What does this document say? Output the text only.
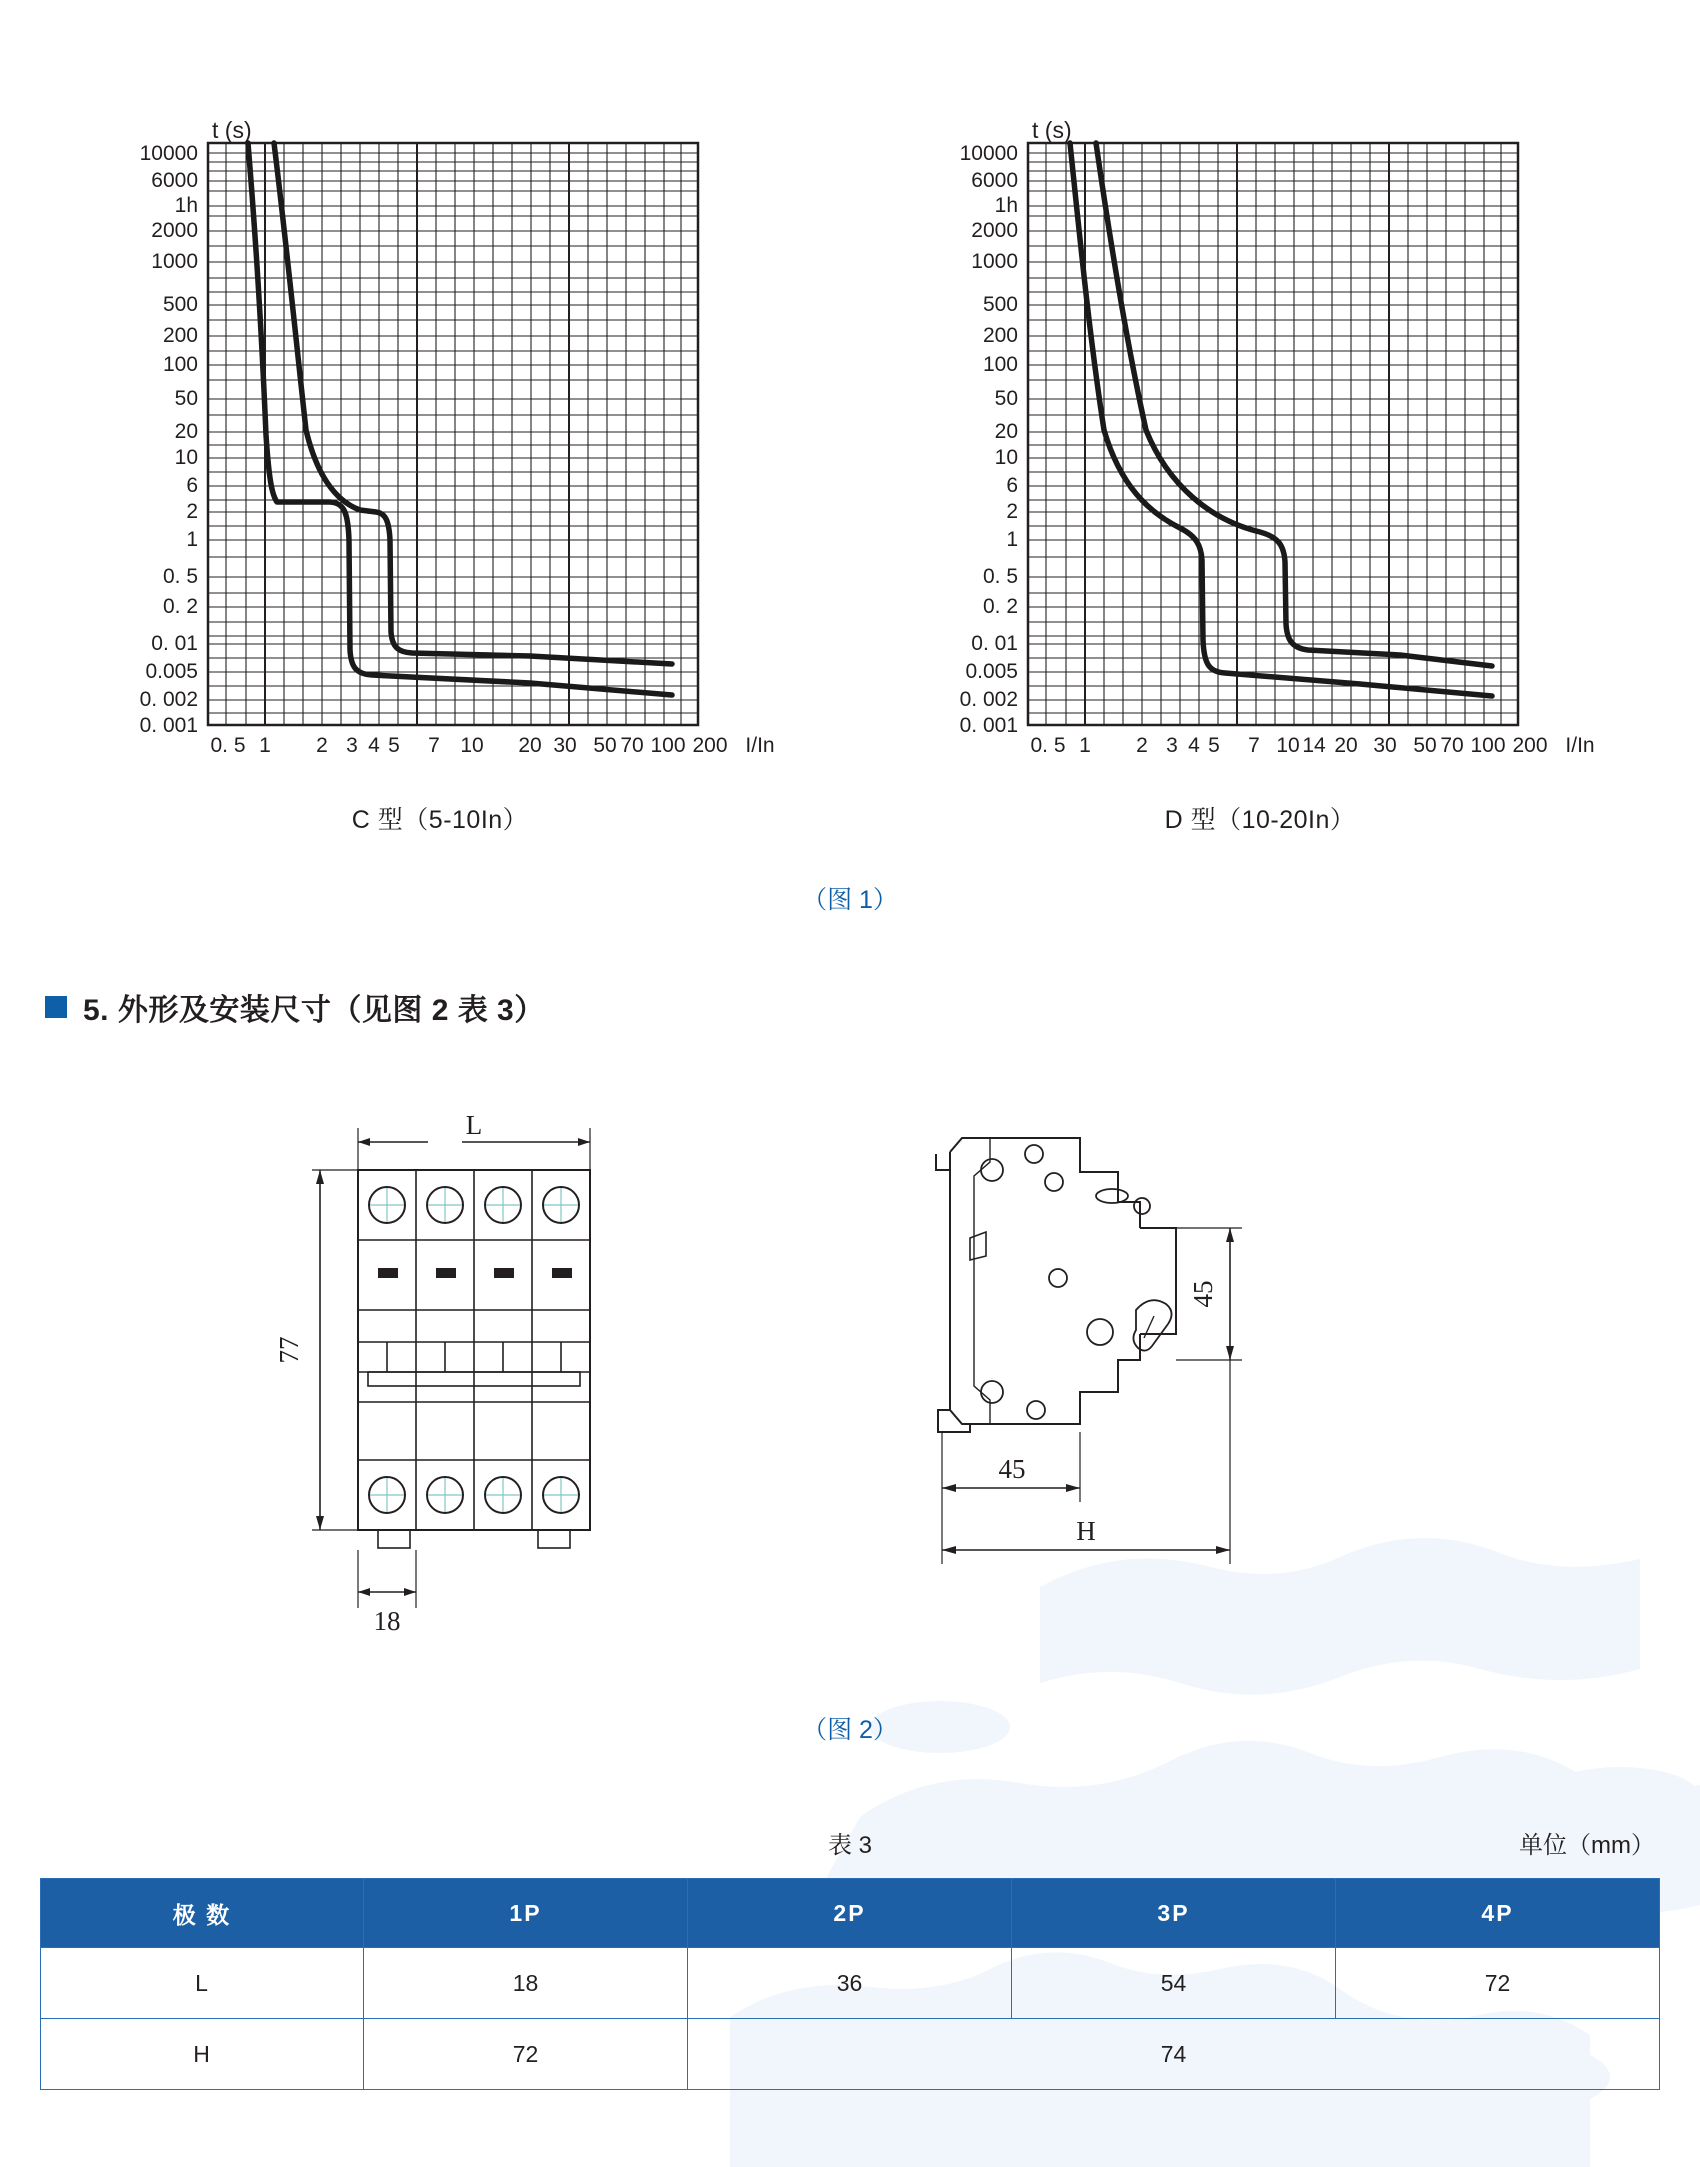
10000
6000
1h
2000
1000
500
200
100
50
20
10
6
2
1
0. 5
0. 2
0. 01
0.005
0. 002
0. 001
t (s)
0. 5 1 2 3 4 5 7 10 20 30 50 70 100 200 I/In
C 型（5-10In）
10000
6000
1h
2000
1000
500
200
100
50
20
10
6
2
1
0. 5
0. 2
0. 01
0.005
0. 002
0. 001
t (s)
0. 5 1 2 3 4 5 7 10 14 20 30 50 70 100 200 I/In
D 型（10-20In）
（图 1）
5. 外形及安装尺寸（见图 2 表 3）
L
77
18
45
45
H
（图 2）
表 3	单位（mm）
极 数	1P	2P	3P	4P
L	18	36	54	72
H	72	74		
